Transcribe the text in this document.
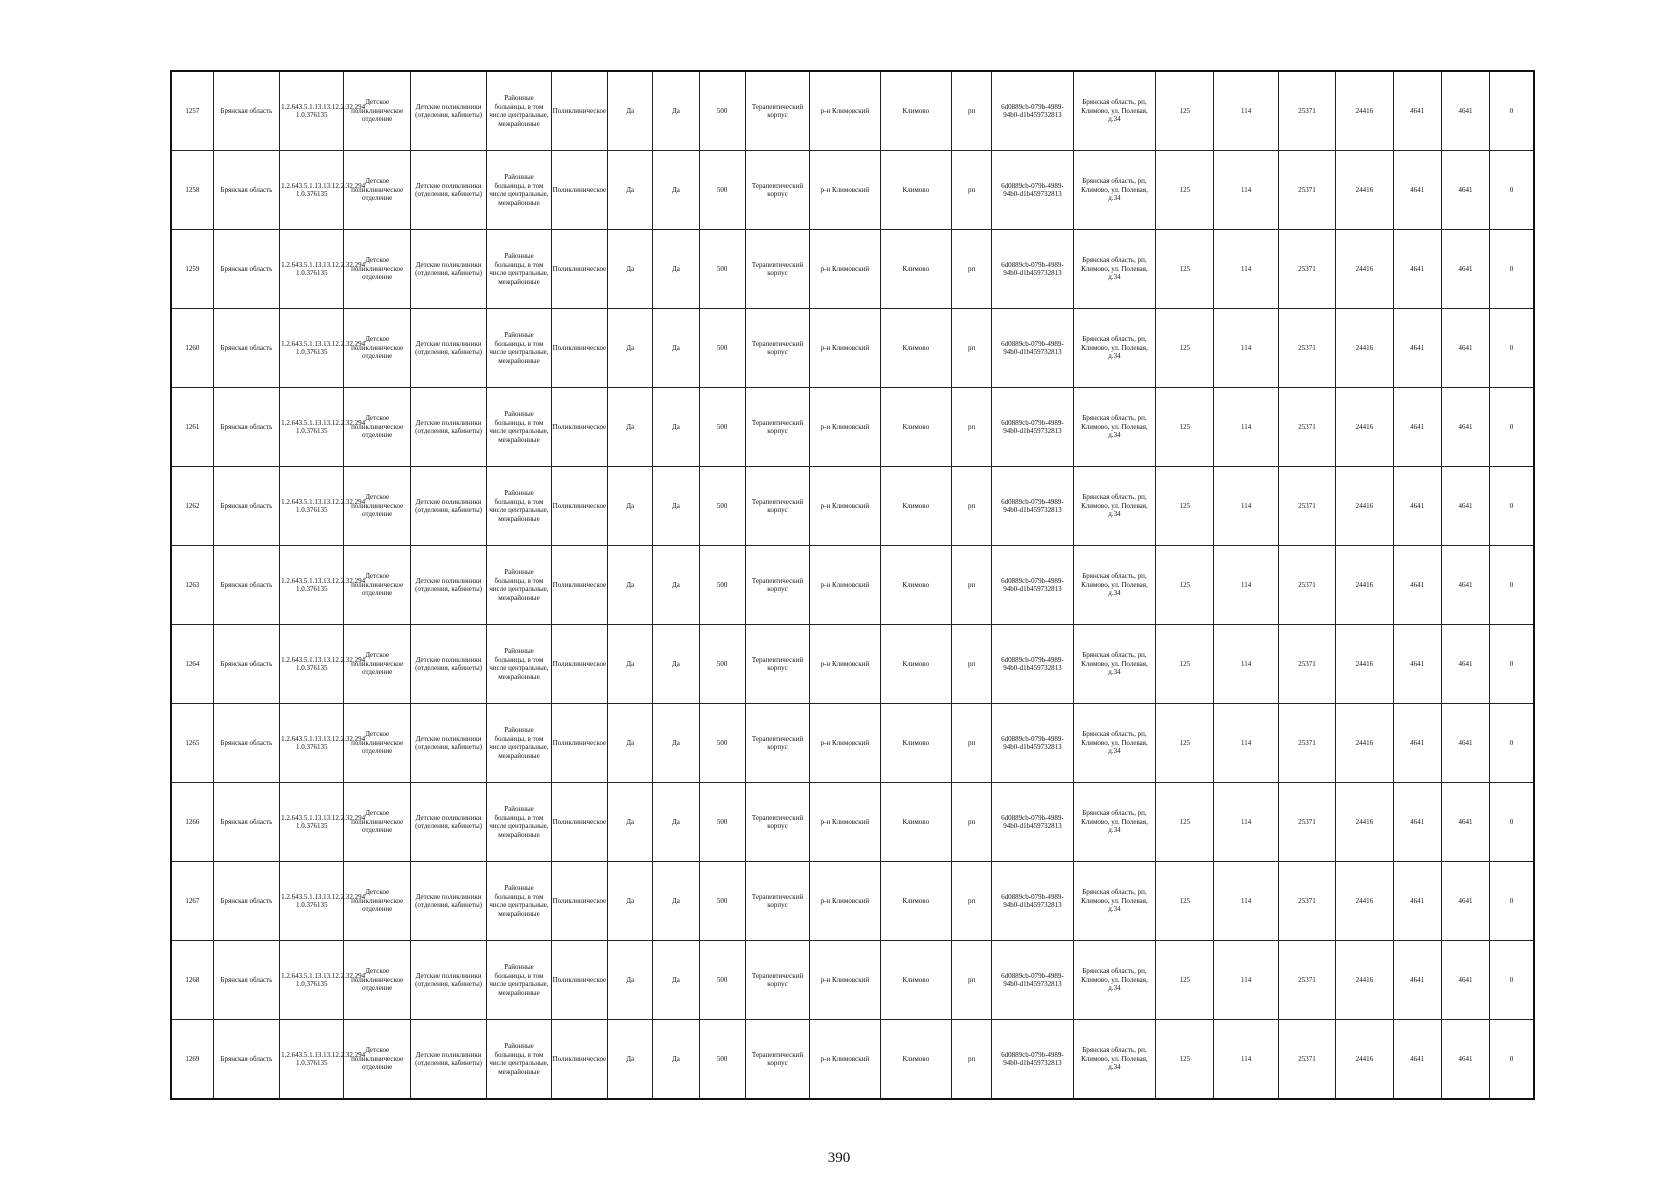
1257	Брянская область	1.2.643.5.1.13.13.12.2.32.294 1.0.376135	Детское поликлиническое отделение	Детские поликлиники (отделения, кабинеты)	Районные больницы, в том числе центральные, межрайонные	Поликлиническое	Да	Да	500	Терапевтический корпус	р-н Климовский	Климово	рп	6d0889cb-079b-4989-94b0-d1b459732813	Брянская область, рп, Климово, ул. Полевая, д.34	125	114	25371	24416	4641	4641	0
1258	Брянская область	1.2.643.5.1.13.13.12.2.32.294 1.0.376135	Детское поликлиническое отделение	Детские поликлиники (отделения, кабинеты)	Районные больницы, в том числе центральные, межрайонные	Поликлиническое	Да	Да	500	Терапевтический корпус	р-н Климовский	Климово	рп	6d0889cb-079b-4989-94b0-d1b459732813	Брянская область, рп, Климово, ул. Полевая, д.34	125	114	25371	24416	4641	4641	0
1259	Брянская область	1.2.643.5.1.13.13.12.2.32.294 1.0.376135	Детское поликлиническое отделение	Детские поликлиники (отделения, кабинеты)	Районные больницы, в том числе центральные, межрайонные	Поликлиническое	Да	Да	500	Терапевтический корпус	р-н Климовский	Климово	рп	6d0889cb-079b-4989-94b0-d1b459732813	Брянская область, рп, Климово, ул. Полевая, д.34	125	114	25371	24416	4641	4641	0
1260	Брянская область	1.2.643.5.1.13.13.12.2.32.294 1.0.376135	Детское поликлиническое отделение	Детские поликлиники (отделения, кабинеты)	Районные больницы, в том числе центральные, межрайонные	Поликлиническое	Да	Да	500	Терапевтический корпус	р-н Климовский	Климово	рп	6d0889cb-079b-4989-94b0-d1b459732813	Брянская область, рп, Климово, ул. Полевая, д.34	125	114	25371	24416	4641	4641	0
1261	Брянская область	1.2.643.5.1.13.13.12.2.32.294 1.0.376135	Детское поликлиническое отделение	Детские поликлиники (отделения, кабинеты)	Районные больницы, в том числе центральные, межрайонные	Поликлиническое	Да	Да	500	Терапевтический корпус	р-н Климовский	Климово	рп	6d0889cb-079b-4989-94b0-d1b459732813	Брянская область, рп, Климово, ул. Полевая, д.34	125	114	25371	24416	4641	4641	0
1262	Брянская область	1.2.643.5.1.13.13.12.2.32.294 1.0.376135	Детское поликлиническое отделение	Детские поликлиники (отделения, кабинеты)	Районные больницы, в том числе центральные, межрайонные	Поликлиническое	Да	Да	500	Терапевтический корпус	р-н Климовский	Климово	рп	6d0889cb-079b-4989-94b0-d1b459732813	Брянская область, рп, Климово, ул. Полевая, д.34	125	114	25371	24416	4641	4641	0
1263	Брянская область	1.2.643.5.1.13.13.12.2.32.294 1.0.376135	Детское поликлиническое отделение	Детские поликлиники (отделения, кабинеты)	Районные больницы, в том числе центральные, межрайонные	Поликлиническое	Да	Да	500	Терапевтический корпус	р-н Климовский	Климово	рп	6d0889cb-079b-4989-94b0-d1b459732813	Брянская область, рп, Климово, ул. Полевая, д.34	125	114	25371	24416	4641	4641	0
1264	Брянская область	1.2.643.5.1.13.13.12.2.32.294 1.0.376135	Детское поликлиническое отделение	Детские поликлиники (отделения, кабинеты)	Районные больницы, в том числе центральные, межрайонные	Поликлиническое	Да	Да	500	Терапевтический корпус	р-н Климовский	Климово	рп	6d0889cb-079b-4989-94b0-d1b459732813	Брянская область, рп, Климово, ул. Полевая, д.34	125	114	25371	24416	4641	4641	0
1265	Брянская область	1.2.643.5.1.13.13.12.2.32.294 1.0.376135	Детское поликлиническое отделение	Детские поликлиники (отделения, кабинеты)	Районные больницы, в том числе центральные, межрайонные	Поликлиническое	Да	Да	500	Терапевтический корпус	р-н Климовский	Климово	рп	6d0889cb-079b-4989-94b0-d1b459732813	Брянская область, рп, Климово, ул. Полевая, д.34	125	114	25371	24416	4641	4641	0
1266	Брянская область	1.2.643.5.1.13.13.12.2.32.294 1.0.376135	Детское поликлиническое отделение	Детские поликлиники (отделения, кабинеты)	Районные больницы, в том числе центральные, межрайонные	Поликлиническое	Да	Да	500	Терапевтический корпус	р-н Климовский	Климово	рп	6d0889cb-079b-4989-94b0-d1b459732813	Брянская область, рп, Климово, ул. Полевая, д.34	125	114	25371	24416	4641	4641	0
1267	Брянская область	1.2.643.5.1.13.13.12.2.32.294 1.0.376135	Детское поликлиническое отделение	Детские поликлиники (отделения, кабинеты)	Районные больницы, в том числе центральные, межрайонные	Поликлиническое	Да	Да	500	Терапевтический корпус	р-н Климовский	Климово	рп	6d0889cb-079b-4989-94b0-d1b459732813	Брянская область, рп, Климово, ул. Полевая, д.34	125	114	25371	24416	4641	4641	0
1268	Брянская область	1.2.643.5.1.13.13.12.2.32.294 1.0.376135	Детское поликлиническое отделение	Детские поликлиники (отделения, кабинеты)	Районные больницы, в том числе центральные, межрайонные	Поликлиническое	Да	Да	500	Терапевтический корпус	р-н Климовский	Климово	рп	6d0889cb-079b-4989-94b0-d1b459732813	Брянская область, рп, Климово, ул. Полевая, д.34	125	114	25371	24416	4641	4641	0
1269	Брянская область	1.2.643.5.1.13.13.12.2.32.294 1.0.376135	Детское поликлиническое отделение	Детские поликлиники (отделения, кабинеты)	Районные больницы, в том числе центральные, межрайонные	Поликлиническое	Да	Да	500	Терапевтический корпус	р-н Климовский	Климово	рп	6d0889cb-079b-4989-94b0-d1b459732813	Брянская область, рп, Климово, ул. Полевая, д.34	125	114	25371	24416	4641	4641	0
390
